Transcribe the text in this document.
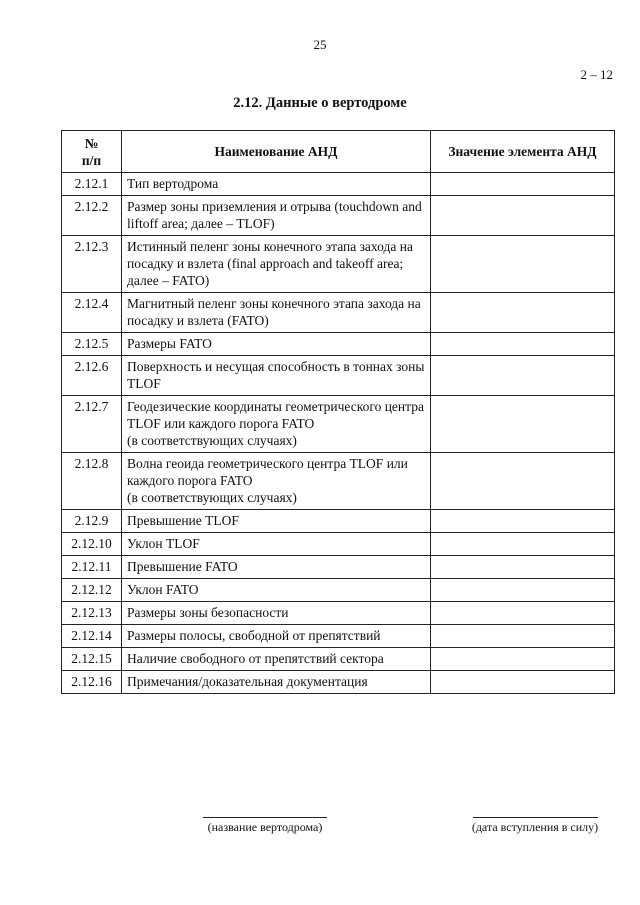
25
2 – 12
2.12. Данные о вертодроме
№
п/п	Наименование АНД	Значение элемента АНД
2.12.1	Тип вертодрома	
2.12.2	Размер зоны приземления и отрыва (touchdown and liftoff area; далее – TLOF)	
2.12.3	Истинный пеленг зоны конечного этапа захода на посадку и взлета (final approach and takeoff area; далее – FATO)	
2.12.4	Магнитный пеленг зоны конечного этапа захода на посадку и взлета (FATO)	
2.12.5	Размеры FATO	
2.12.6	Поверхность и несущая способность в тоннах зоны TLOF	
2.12.7	Геодезические координаты геометрического центра TLOF или каждого порога FATO
(в соответствующих случаях)	
2.12.8	Волна геоида геометрического центра TLOF или каждого порога FATO
(в соответствующих случаях)	
2.12.9	Превышение TLOF	
2.12.10	Уклон TLOF	
2.12.11	Превышение FATO	
2.12.12	Уклон FATO	
2.12.13	Размеры зоны безопасности	
2.12.14	Размеры полосы, свободной от препятствий	
2.12.15	Наличие свободного от препятствий сектора	
2.12.16	Примечания/доказательная документация	
(название вертодрома)	(дата вступления в силу)
